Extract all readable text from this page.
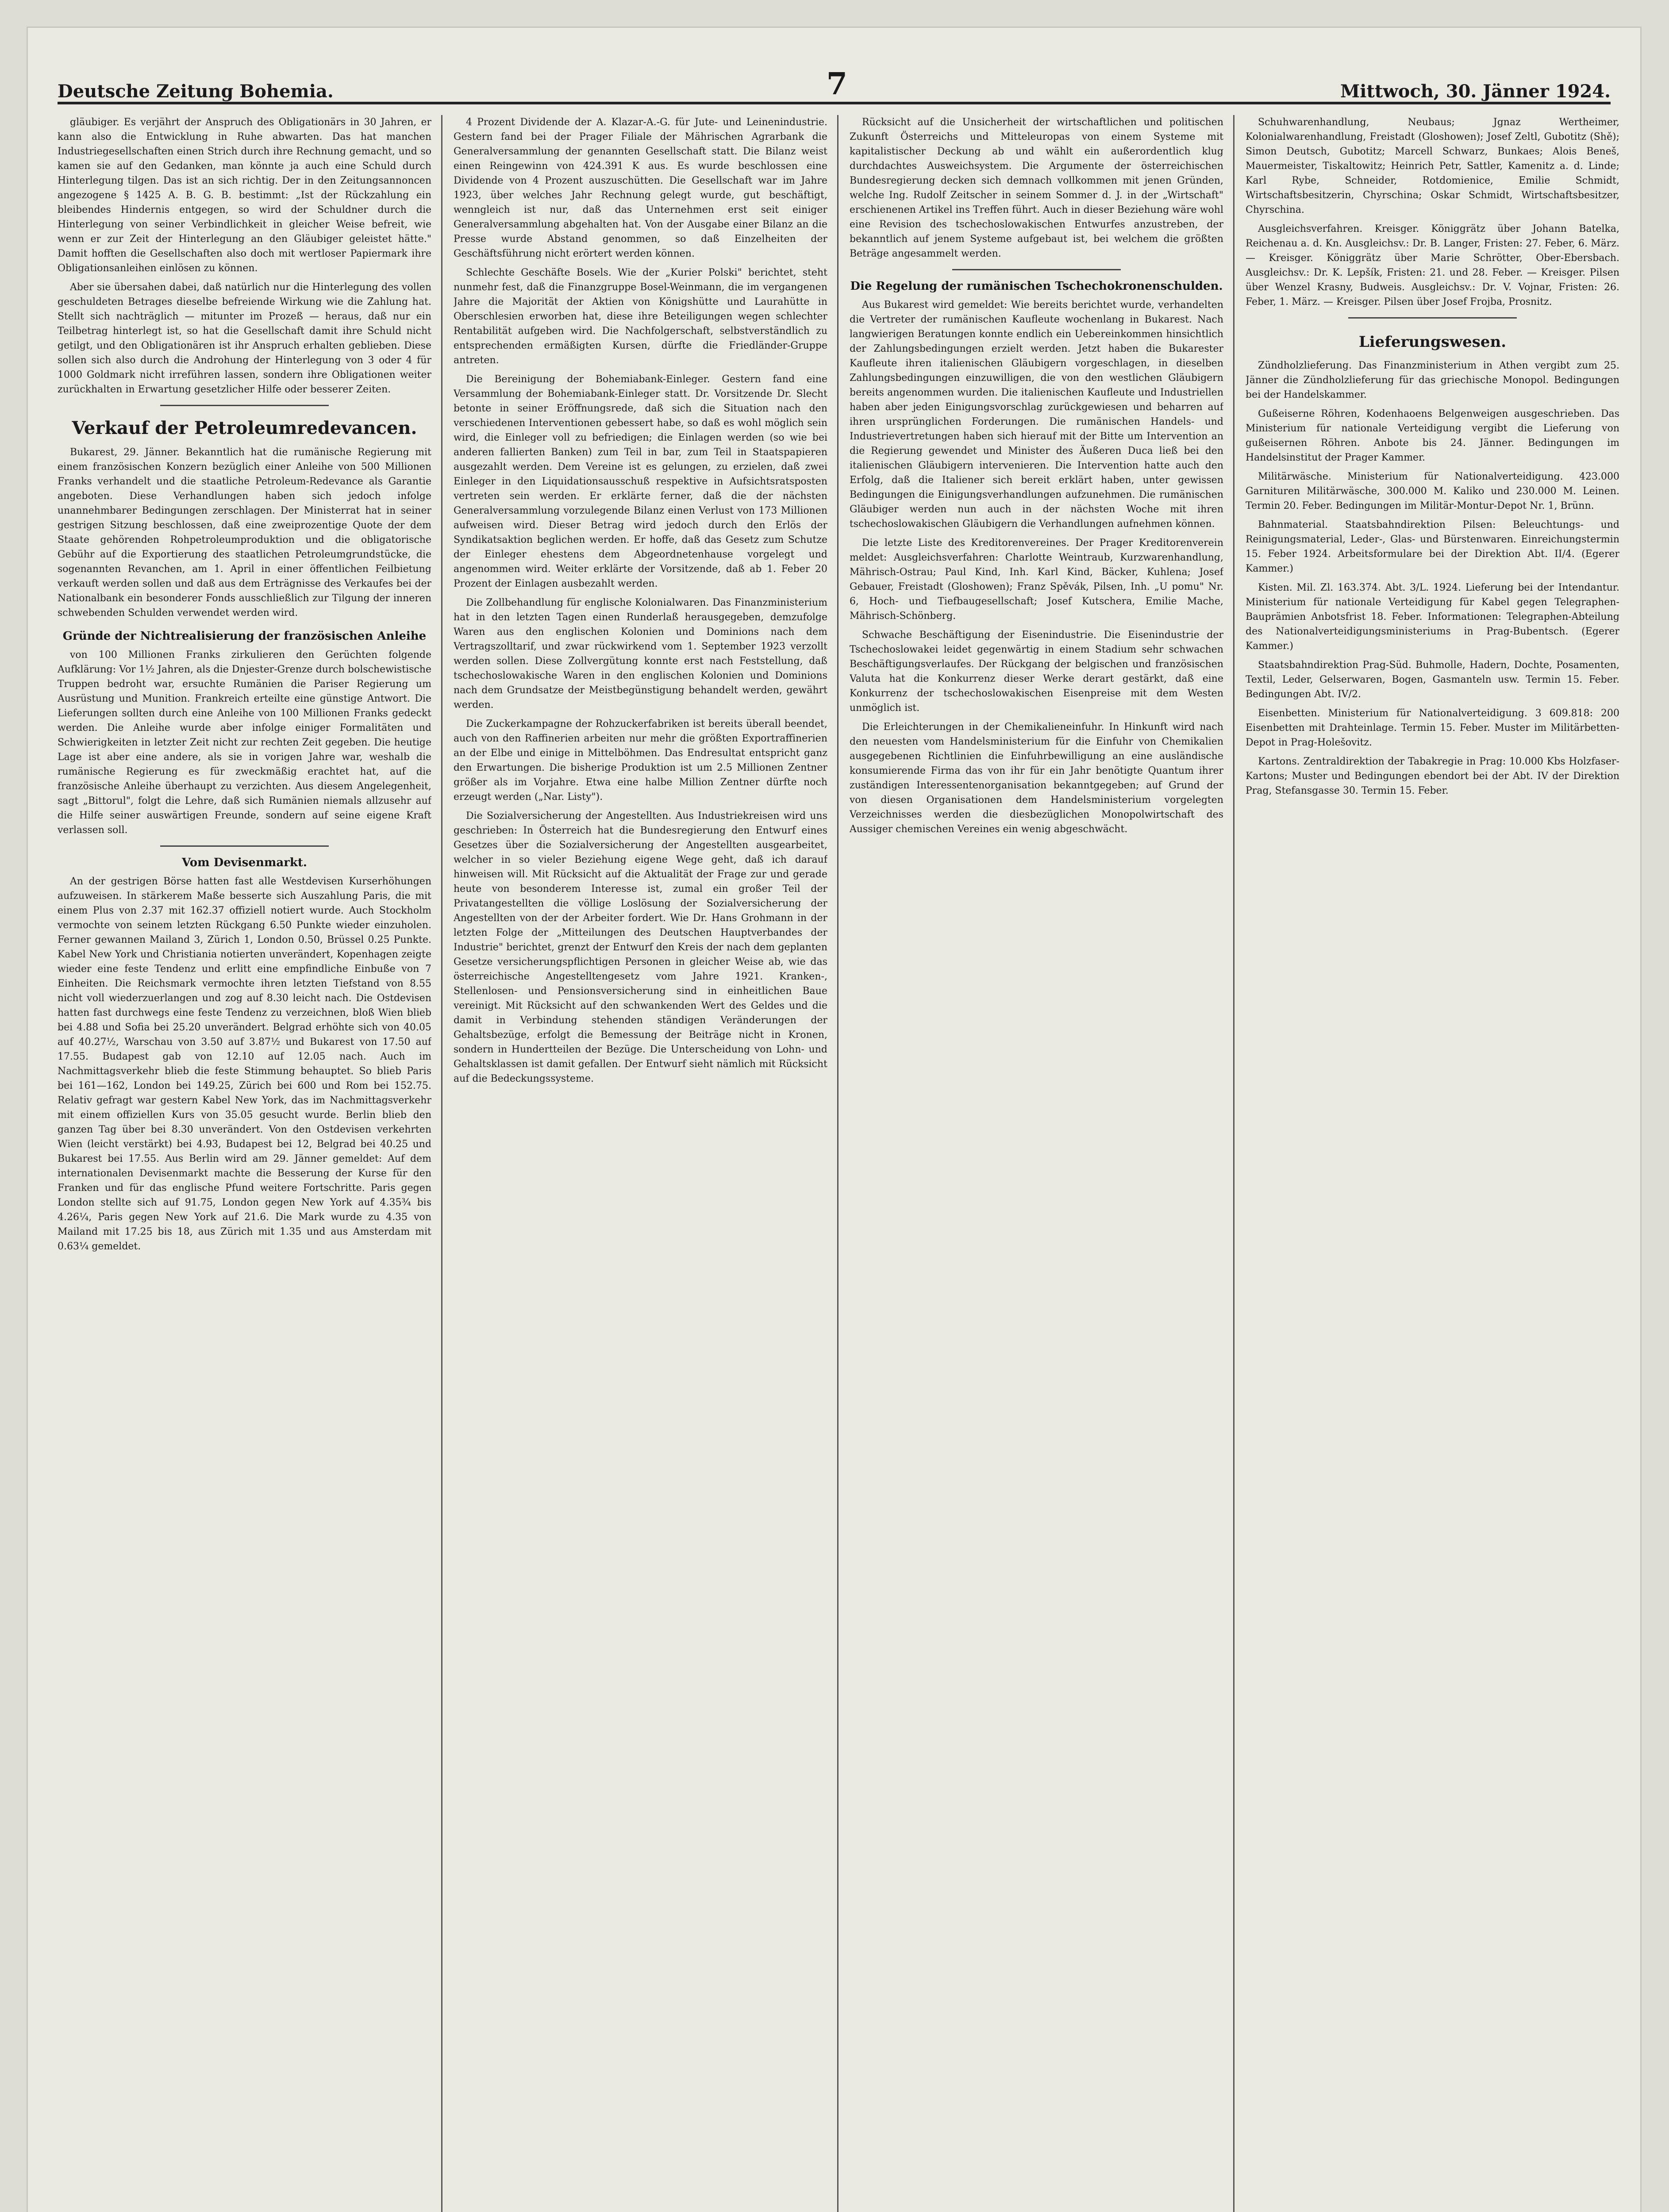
Deutsche Zeitung Bohemia.	7	Mittwoch, 30. Jänner 1924.

gläubiger. Es verjährt der Anspruch des Obligationärs in 30 Jahren, er kann also die Entwicklung in Ruhe abwarten. Das hat manchen Industriegesellschaften einen Strich durch ihre Rechnung gemacht, und so kamen sie auf den Gedanken, man könnte ja auch eine Schuld durch Hinterlegung tilgen. Das ist an sich richtig. Der in den Zeitungsannoncen angezogene § 1425 A. B. G. B. bestimmt: „Ist der Rückzahlung ein bleibendes Hindernis entgegen, so wird der Schuldner durch die Hinterlegung von seiner Verbindlichkeit in gleicher Weise befreit, wie wenn er zur Zeit der Hinterlegung an den Gläubiger geleistet hätte." Damit hofften die Gesellschaften also doch mit wertloser Papiermark ihre Obligationsanleihen einlösen zu können.

Aber sie übersahen dabei, daß natürlich nur die Hinterlegung des vollen geschuldeten Betrages dieselbe befreiende Wirkung wie die Zahlung hat. Stellt sich nachträglich — mitunter im Prozeß — heraus, daß nur ein Teilbetrag hinterlegt ist, so hat die Gesellschaft damit ihre Schuld nicht getilgt, und den Obligationären ist ihr Anspruch erhalten geblieben. Diese sollen sich also durch die Androhung der Hinterlegung von 3 oder 4 für 1000 Goldmark nicht irreführen lassen, sondern ihre Obligationen weiter zurückhalten in Erwartung gesetzlicher Hilfe oder besserer Zeiten.

Verkauf der Petroleumredevancen.

Bukarest, 29. Jänner. Bekanntlich hat die rumänische Regierung mit einem französischen Konzern bezüglich einer Anleihe von 500 Millionen Franks verhandelt und die staatliche Petroleum-Redevance als Garantie angeboten. Diese Verhandlungen haben sich jedoch infolge unannehmbarer Bedingungen zerschlagen. Der Ministerrat hat in seiner gestrigen Sitzung beschlossen, daß eine zweiprozentige Quote der dem Staate gehörenden Rohpetroleumproduktion und die obligatorische Gebühr auf die Exportierung des staatlichen Petroleumgrundstücke, die sogenannten Revanchen, am 1. April in einer öffentlichen Feilbietung verkauft werden sollen und daß aus dem Erträgnisse des Verkaufes bei der Nationalbank ein besonderer Fonds ausschließlich zur Tilgung der inneren schwebenden Schulden verwendet werden wird.

Gründe der Nichtrealisierung der französischen Anleihe

von 100 Millionen Franks zirkulieren den Gerüchten folgende Aufklärung: Vor 1½ Jahren, als die Dnjester-Grenze durch bolschewistische Truppen bedroht war, ersuchte Rumänien die Pariser Regierung um Ausrüstung und Munition. Frankreich erteilte eine günstige Antwort. Die Lieferungen sollten durch eine Anleihe von 100 Millionen Franks gedeckt werden. Die Anleihe wurde aber infolge einiger Formalitäten und Schwierigkeiten in letzter Zeit nicht zur rechten Zeit gegeben. Die heutige Lage ist aber eine andere, als sie in vorigen Jahre war, weshalb die rumänische Regierung es für zweckmäßig erachtet hat, auf die französische Anleihe überhaupt zu verzichten. Aus diesem Angelegenheit, sagt „Bittorul", folgt die Lehre, daß sich Rumänien niemals allzusehr auf die Hilfe seiner auswärtigen Freunde, sondern auf seine eigene Kraft verlassen soll.

Vom Devisenmarkt.

An der gestrigen Börse hatten fast alle Westdevisen Kurserhöhungen aufzuweisen. In stärkerem Maße besserte sich Auszahlung Paris, die mit einem Plus von 2.37 mit 162.37 offiziell notiert wurde. Auch Stockholm vermochte von seinem letzten Rückgang 6.50 Punkte wieder einzuholen. Ferner gewannen Mailand 3, Zürich 1, London 0.50, Brüssel 0.25 Punkte. Kabel New York und Christiania notierten unverändert, Kopenhagen zeigte wieder eine feste Tendenz und erlitt eine empfindliche Einbuße von 7 Einheiten. Die Reichsmark vermochte ihren letzten Tiefstand von 8.55 nicht voll wiederzuerlangen und zog auf 8.30 leicht nach. Die Ostdevisen hatten fast durchwegs eine feste Tendenz zu verzeichnen, bloß Wien blieb bei 4.88 und Sofia bei 25.20 unverändert. Belgrad erhöhte sich von 40.05 auf 40.27½, Warschau von 3.50 auf 3.87½ und Bukarest von 17.50 auf 17.55. Budapest gab von 12.10 auf 12.05 nach. Auch im Nachmittagsverkehr blieb die feste Stimmung behauptet. So blieb Paris bei 161—162, London bei 149.25, Zürich bei 600 und Rom bei 152.75. Relativ gefragt war gestern Kabel New York, das im Nachmittagsverkehr mit einem offiziellen Kurs von 35.05 gesucht wurde. Berlin blieb den ganzen Tag über bei 8.30 unverändert. Von den Ostdevisen verkehrten Wien (leicht verstärkt) bei 4.93, Budapest bei 12, Belgrad bei 40.25 und Bukarest bei 17.55. Aus Berlin wird am 29. Jänner gemeldet: Auf dem internationalen Devisenmarkt machte die Besserung der Kurse für den Franken und für das englische Pfund weitere Fortschritte. Paris gegen London stellte sich auf 91.75, London gegen New York auf 4.35¾ bis 4.26¼, Paris gegen New York auf 21.6. Die Mark wurde zu 4.35 von Mailand mit 17.25 bis 18, aus Zürich mit 1.35 und aus Amsterdam mit 0.63¼ gemeldet.

4 Prozent Dividende der A. Klazar-A.-G. für Jute- und Leinenindustrie. Gestern fand bei der Prager Filiale der Mährischen Agrarbank die Generalversammlung der genannten Gesellschaft statt. Die Bilanz weist einen Reingewinn von 424.391 K aus. Es wurde beschlossen eine Dividende von 4 Prozent auszuschütten. Die Gesellschaft war im Jahre 1923, über welches Jahr Rechnung gelegt wurde, gut beschäftigt, wenngleich ist nur, daß das Unternehmen erst seit einiger Generalversammlung abgehalten hat. Von der Ausgabe einer Bilanz an die Presse wurde Abstand genommen, so daß Einzelheiten der Geschäftsführung nicht erörtert werden können.

Schlechte Geschäfte Bosels. Wie der „Kurier Polski" berichtet, steht nunmehr fest, daß die Finanzgruppe Bosel-Weinmann, die im vergangenen Jahre die Majorität der Aktien von Königshütte und Laurahütte in Oberschlesien erworben hat, diese ihre Beteiligungen wegen schlechter Rentabilität aufgeben wird. Die Nachfolgerschaft, selbstverständlich zu entsprechenden ermäßigten Kursen, dürfte die Friedländer-Gruppe antreten.

Die Bereinigung der Bohemiabank-Einleger. Gestern fand eine Versammlung der Bohemiabank-Einleger statt. Dr. Vorsitzende Dr. Slecht betonte in seiner Eröffnungsrede, daß sich die Situation nach den verschiedenen Interventionen gebessert habe, so daß es wohl möglich sein wird, die Einleger voll zu befriedigen; die Einlagen werden (so wie bei anderen fallierten Banken) zum Teil in bar, zum Teil in Staatspapieren ausgezahlt werden. Dem Vereine ist es gelungen, zu erzielen, daß zwei Einleger in den Liquidationsausschuß respektive in Aufsichtsratsposten vertreten sein werden. Er erklärte ferner, daß die der nächsten Generalversammlung vorzulegende Bilanz einen Verlust von 173 Millionen aufweisen wird. Dieser Betrag wird jedoch durch den Erlös der Syndikatsaktion beglichen werden. Er hoffe, daß das Gesetz zum Schutze der Einleger ehestens dem Abgeordnetenhause vorgelegt und angenommen wird. Weiter erklärte der Vorsitzende, daß ab 1. Feber 20 Prozent der Einlagen ausbezahlt werden.

Die Zollbehandlung für englische Kolonialwaren. Das Finanzministerium hat in den letzten Tagen einen Runderlaß herausgegeben, demzufolge Waren aus den englischen Kolonien und Dominions nach dem Vertragszolltarif, und zwar rückwirkend vom 1. September 1923 verzollt werden sollen. Diese Zollvergütung konnte erst nach Feststellung, daß tschechoslowakische Waren in den englischen Kolonien und Dominions nach dem Grundsatze der Meistbegünstigung behandelt werden, gewährt werden.

Die Zuckerkampagne der Rohzuckerfabriken ist bereits überall beendet, auch von den Raffinerien arbeiten nur mehr die größten Exportraffinerien an der Elbe und einige in Mittelböhmen. Das Endresultat entspricht ganz den Erwartungen. Die bisherige Produktion ist um 2.5 Millionen Zentner größer als im Vorjahre. Etwa eine halbe Million Zentner dürfte noch erzeugt werden („Nar. Listy").

Die Sozialversicherung der Angestellten. Aus Industriekreisen wird uns geschrieben: In Österreich hat die Bundesregierung den Entwurf eines Gesetzes über die Sozialversicherung der Angestellten ausgearbeitet, welcher in so vieler Beziehung eigene Wege geht, daß ich darauf hinweisen will. Mit Rücksicht auf die Aktualität der Frage zur und gerade heute von besonderem Interesse ist, zumal ein großer Teil der Privatangestellten die völlige Loslösung der Sozialversicherung der Angestellten von der der Arbeiter fordert. Wie Dr. Hans Grohmann in der letzten Folge der „Mitteilungen des Deutschen Hauptverbandes der Industrie" berichtet, grenzt der Entwurf den Kreis der nach dem geplanten Gesetze versicherungspflichtigen Personen in gleicher Weise ab, wie das österreichische Angestelltengesetz vom Jahre 1921. Kranken-, Stellenlosen- und Pensionsversicherung sind in einheitlichen Baue vereinigt. Mit Rücksicht auf den schwankenden Wert des Geldes und die damit in Verbindung stehenden ständigen Veränderungen der Gehaltsbezüge, erfolgt die Bemessung der Beiträge nicht in Kronen, sondern in Hundertteilen der Bezüge. Die Unterscheidung von Lohn- und Gehaltsklassen ist damit gefallen. Der Entwurf sieht nämlich mit Rücksicht auf die Bedeckungssysteme.

Rücksicht auf die Unsicherheit der wirtschaftlichen und politischen Zukunft Österreichs und Mitteleuropas von einem Systeme mit kapitalistischer Deckung ab und wählt ein außerordentlich klug durchdachtes Ausweichsystem. Die Argumente der österreichischen Bundesregierung decken sich demnach vollkommen mit jenen Gründen, welche Ing. Rudolf Zeitscher in seinem Sommer d. J. in der „Wirtschaft" erschienenen Artikel ins Treffen führt. Auch in dieser Beziehung wäre wohl eine Revision des tschechoslowakischen Entwurfes anzustreben, der bekanntlich auf jenem Systeme aufgebaut ist, bei welchem die größten Beträge angesammelt werden.

Die Regelung der rumänischen Tschechokronenschulden.

Aus Bukarest wird gemeldet: Wie bereits berichtet wurde, verhandelten die Vertreter der rumänischen Kaufleute wochenlang in Bukarest. Nach langwierigen Beratungen konnte endlich ein Uebereinkommen hinsichtlich der Zahlungsbedingungen erzielt werden. Jetzt haben die Bukarester Kaufleute ihren italienischen Gläubigern vorgeschlagen, in dieselben Zahlungsbedingungen einzuwilligen, die von den westlichen Gläubigern bereits angenommen wurden. Die italienischen Kaufleute und Industriellen haben aber jeden Einigungsvorschlag zurückgewiesen und beharren auf ihren ursprünglichen Forderungen. Die rumänischen Handels- und Industrievertretungen haben sich hierauf mit der Bitte um Intervention an die Regierung gewendet und Minister des Äußeren Duca ließ bei den italienischen Gläubigern intervenieren. Die Intervention hatte auch den Erfolg, daß die Italiener sich bereit erklärt haben, unter gewissen Bedingungen die Einigungsverhandlungen aufzunehmen. Die rumänischen Gläubiger werden nun auch in der nächsten Woche mit ihren tschechoslowakischen Gläubigern die Verhandlungen aufnehmen können.

Die letzte Liste des Kreditorenvereines. Der Prager Kreditorenverein meldet: Ausgleichsverfahren: Charlotte Weintraub, Kurzwarenhandlung, Mährisch-Ostrau; Paul Kind, Inh. Karl Kind, Bäcker, Kuhlena; Josef Gebauer, Freistadt (Gloshowen); Franz Spěvák, Pilsen, Inh. „U pomu" Nr. 6, Hoch- und Tiefbaugesellschaft; Josef Kutschera, Emilie Mache, Mährisch-Schönberg.

Schwache Beschäftigung der Eisenindustrie. Die Eisenindustrie der Tschechoslowakei leidet gegenwärtig in einem Stadium sehr schwachen Beschäftigungsverlaufes. Der Rückgang der belgischen und französischen Valuta hat die Konkurrenz dieser Werke derart gestärkt, daß eine Konkurrenz der tschechoslowakischen Eisenpreise mit dem Westen unmöglich ist.

Die Erleichterungen in der Chemikalieneinfuhr. In Hinkunft wird nach den neuesten vom Handelsministerium für die Einfuhr von Chemikalien ausgegebenen Richtlinien die Einfuhrbewilligung an eine ausländische konsumierende Firma das von ihr für ein Jahr benötigte Quantum ihrer zuständigen Interessentenorganisation bekanntgegeben; auf Grund der von diesen Organisationen dem Handelsministerium vorgelegten Verzeichnisses werden die diesbezüglichen Monopolwirtschaft des Aussiger chemischen Vereines ein wenig abgeschwächt.

Schuhwarenhandlung, Neubaus; Jgnaz Wertheimer, Kolonialwarenhandlung, Freistadt (Gloshowen); Josef Zeltl, Gubotitz (Shě); Simon Deutsch, Gubotitz; Marcell Schwarz, Bunkaes; Alois Beneš, Mauermeister, Tiskaltowitz; Heinrich Petr, Sattler, Kamenitz a. d. Linde; Karl Rybe, Schneider, Rotdomienice, Emilie Schmidt, Wirtschaftsbesitzerin, Chyrschina; Oskar Schmidt, Wirtschaftsbesitzer, Chyrschina.

Ausgleichsverfahren. Kreisger. Königgrätz über Johann Batelka, Reichenau a. d. Kn. Ausgleichsv.: Dr. B. Langer, Fristen: 27. Feber, 6. März. — Kreisger. Königgrätz über Marie Schrötter, Ober-Ebersbach. Ausgleichsv.: Dr. K. Lepšík, Fristen: 21. und 28. Feber. — Kreisger. Pilsen über Wenzel Krasny, Budweis. Ausgleichsv.: Dr. V. Vojnar, Fristen: 26. Feber, 1. März. — Kreisger. Pilsen über Josef Frojba, Prosnitz.

Lieferungswesen.

Zündholzlieferung. Das Finanzministerium in Athen vergibt zum 25. Jänner die Zündholzlieferung für das griechische Monopol. Bedingungen bei der Handelskammer.

Gußeiserne Röhren, Kodenhaoens Belgenweigen ausgeschrieben. Das Ministerium für nationale Verteidigung vergibt die Lieferung von gußeisernen Röhren. Anbote bis 24. Jänner. Bedingungen im Handelsinstitut der Prager Kammer.

Militärwäsche. Ministerium für Nationalverteidigung. 423.000 Garnituren Militärwäsche, 300.000 M. Kaliko und 230.000 M. Leinen. Termin 20. Feber. Bedingungen im Militär-Montur-Depot Nr. 1, Brünn.

Bahnmaterial. Staatsbahndirektion Pilsen: Beleuchtungs- und Reinigungsmaterial, Leder-, Glas- und Bürstenwaren. Einreichungstermin 15. Feber 1924. Arbeitsformulare bei der Direktion Abt. II/4. (Egerer Kammer.)

Kisten. Mil. Zl. 163.374. Abt. 3/L. 1924. Lieferung bei der Intendantur. Ministerium für nationale Verteidigung für Kabel gegen Telegraphen-Bauprämien Anbotsfrist 18. Feber. Informationen: Telegraphen-Abteilung des Nationalverteidigungsministeriums in Prag-Bubentsch. (Egerer Kammer.)

Staatsbahndirektion Prag-Süd. Buhmolle, Hadern, Dochte, Posamenten, Textil, Leder, Gelserwaren, Bogen, Gasmanteln usw. Termin 15. Feber. Bedingungen Abt. IV/2.

Eisenbetten. Ministerium für Nationalverteidigung. 3 609.818: 200 Eisenbetten mit Drahteinlage. Termin 15. Feber. Muster im Militärbetten-Depot in Prag-Holešovitz.

Kartons. Zentraldirektion der Tabakregie in Prag: 10.000 Kbs Holzfaser-Kartons; Muster und Bedingungen ebendort bei der Abt. IV der Direktion Prag, Stefansgasse 30. Termin 15. Feber.
